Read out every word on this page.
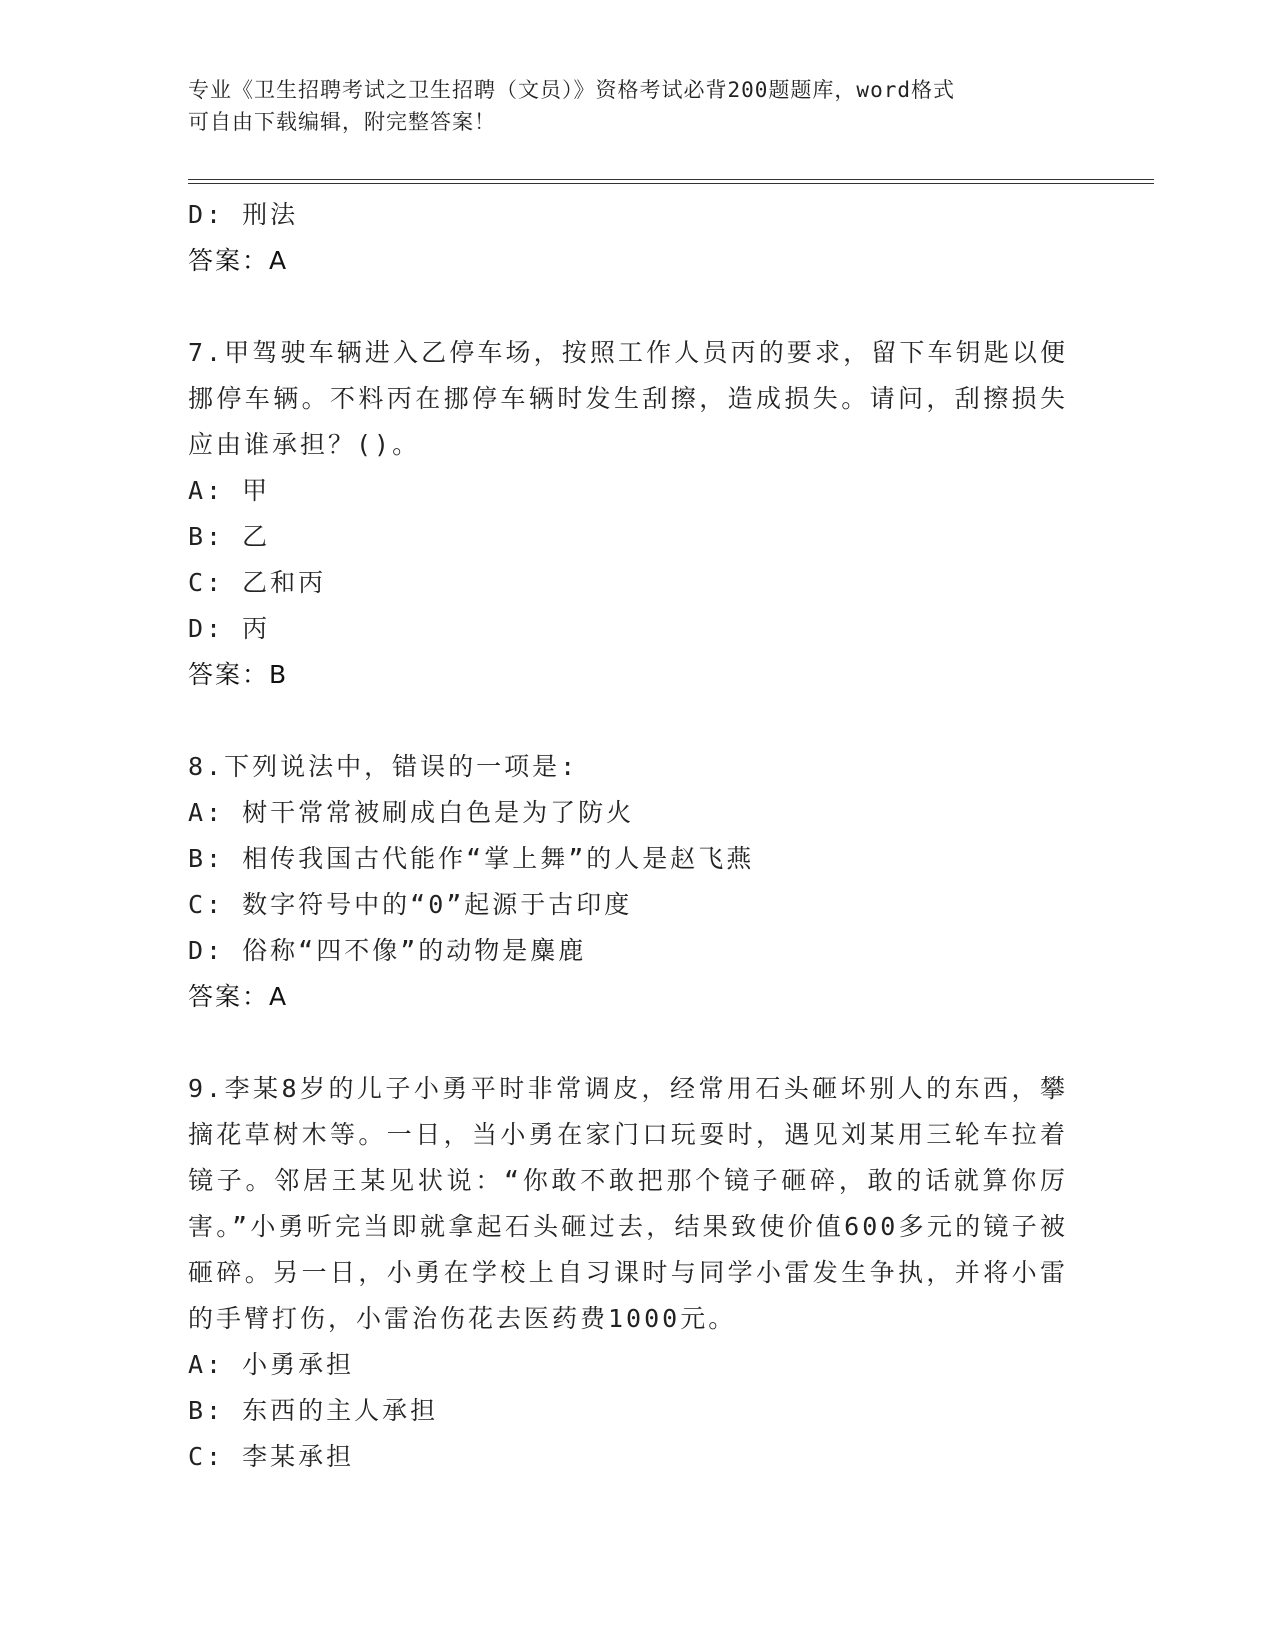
专业《卫生招聘考试之卫生招聘（文员）》资格考试必背200题题库，word格式
可自由下载编辑，附完整答案！
D: 刑法
答案：A
7.甲驾驶车辆进入乙停车场，按照工作人员丙的要求，留下车钥匙以便挪停车辆。不料丙在挪停车辆时发生刮擦，造成损失。请问，刮擦损失应由谁承担？()。
A: 甲
B: 乙
C: 乙和丙
D: 丙
答案：B
8.下列说法中，错误的一项是:
A: 树干常常被刷成白色是为了防火
B: 相传我国古代能作“掌上舞”的人是赵飞燕
C: 数字符号中的“0”起源于古印度
D: 俗称“四不像”的动物是麋鹿
答案：A
9.李某8岁的儿子小勇平时非常调皮，经常用石头砸坏别人的东西，攀摘花草树木等。一日，当小勇在家门口玩耍时，遇见刘某用三轮车拉着镜子。邻居王某见状说：“你敢不敢把那个镜子砸碎，敢的话就算你厉害。”小勇听完当即就拿起石头砸过去，结果致使价值600多元的镜子被砸碎。另一日，小勇在学校上自习课时与同学小雷发生争执，并将小雷的手臂打伤，小雷治伤花去医药费1000元。
A: 小勇承担
B: 东西的主人承担
C: 李某承担
